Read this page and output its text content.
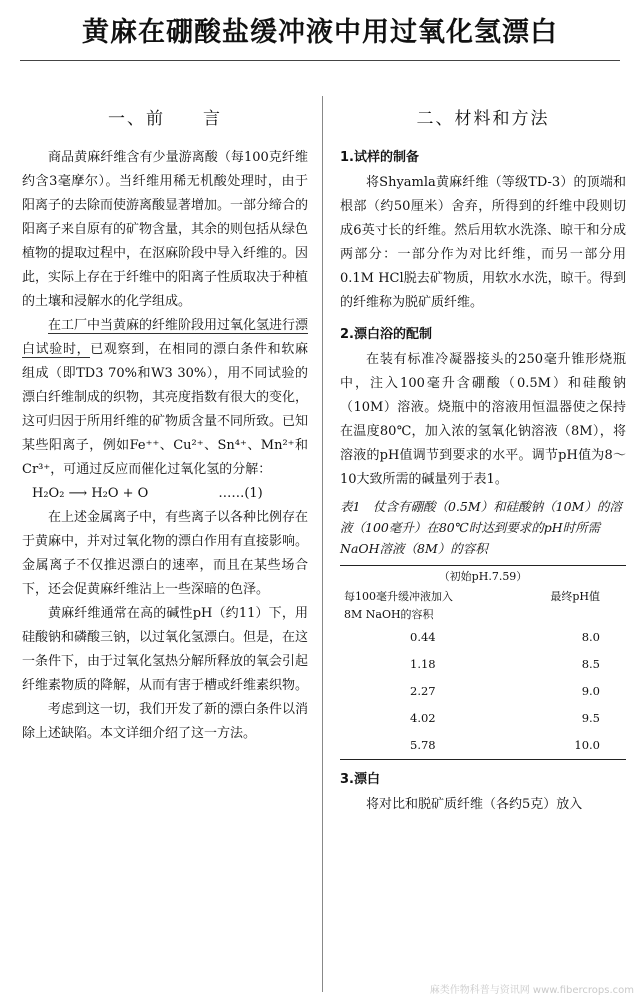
黄麻在硼酸盐缓冲液中用过氧化氢漂白
一、前　　言

商品黄麻纤维含有少量游离酸（每100克纤维约含3毫摩尔）。当纤维用稀无机酸处理时，由于阳离子的去除而使游离酸显著增加。一部分缔合的阳离子来自原有的矿物含量，其余的则包括从绿色植物的提取过程中，在沤麻阶段中导入纤维的。因此，实际上存在于纤维中的阳离子性质取决于种植的土壤和浸解水的化学组成。

在工厂中当黄麻的纤维阶段用过氧化氢进行漂白试验时，已观察到，在相同的漂白条件和软麻组成（即TD3 70%和W3 30%），用不同试验的漂白纤维制成的织物，其亮度指数有很大的变化，这可归因于所用纤维的矿物质含量不同所致。已知某些阳离子，例如Fe⁺⁺、Cu²⁺、Sn⁴⁺、Mn²⁺和Cr³⁺，可通过反应而催化过氧化氢的分解：

H₂O₂ ⟶ H₂O + O	……(1)

在上述金属离子中，有些离子以各种比例存在于黄麻中，并对过氧化物的漂白作用有直接影响。金属离子不仅推迟漂白的速率，而且在某些场合下，还会促黄麻纤维沾上一些深暗的色泽。

黄麻纤维通常在高的碱性pH（约11）下，用硅酸钠和磷酸三钠，以过氧化氢漂白。但是，在这一条件下，由于过氧化氢热分解所释放的氧会引起纤维素物质的降解，从而有害于槽或纤维素织物。

考虑到这一切，我们开发了新的漂白条件以消除上述缺陷。本文详细介绍了这一方法。

二、材料和方法
1.试样的制备

将Shyamla黄麻纤维（等级TD-3）的顶端和根部（约50厘米）舍弃，所得到的纤维中段则切成6英寸长的纤维。然后用软水洗涤、晾干和分成两部分：一部分作为对比纤维，而另一部分用0.1M HCl脱去矿物质，用软水水洗，晾干。得到的纤维称为脱矿质纤维。

2.漂白浴的配制

在装有标准冷凝器接头的250毫升锥形烧瓶中，注入100毫升含硼酸（0.5M）和硅酸钠（10M）溶液。烧瓶中的溶液用恒温器使之保持在温度80℃，加入浓的氢氧化钠溶液（8M），将溶液的pH值调节到要求的水平。调节pH值为8～10大致所需的碱量列于表1。

表1　仗含有硼酸（0.5M）和硅酸钠（10M）的溶液（100毫升）在80℃时达到要求的pH时所需NaOH溶液（8M）的容积
（初始pH.7.59）	
每100毫升缓冲液加入	最终pH值
8M NaOH的容积	
0.44	8.0
1.18	8.5
2.27	9.0
4.02	9.5
5.78	10.0
3.漂白

将对比和脱矿质纤维（各约5克）放入

麻类作物科普与资讯网 www.fibercrops.com
